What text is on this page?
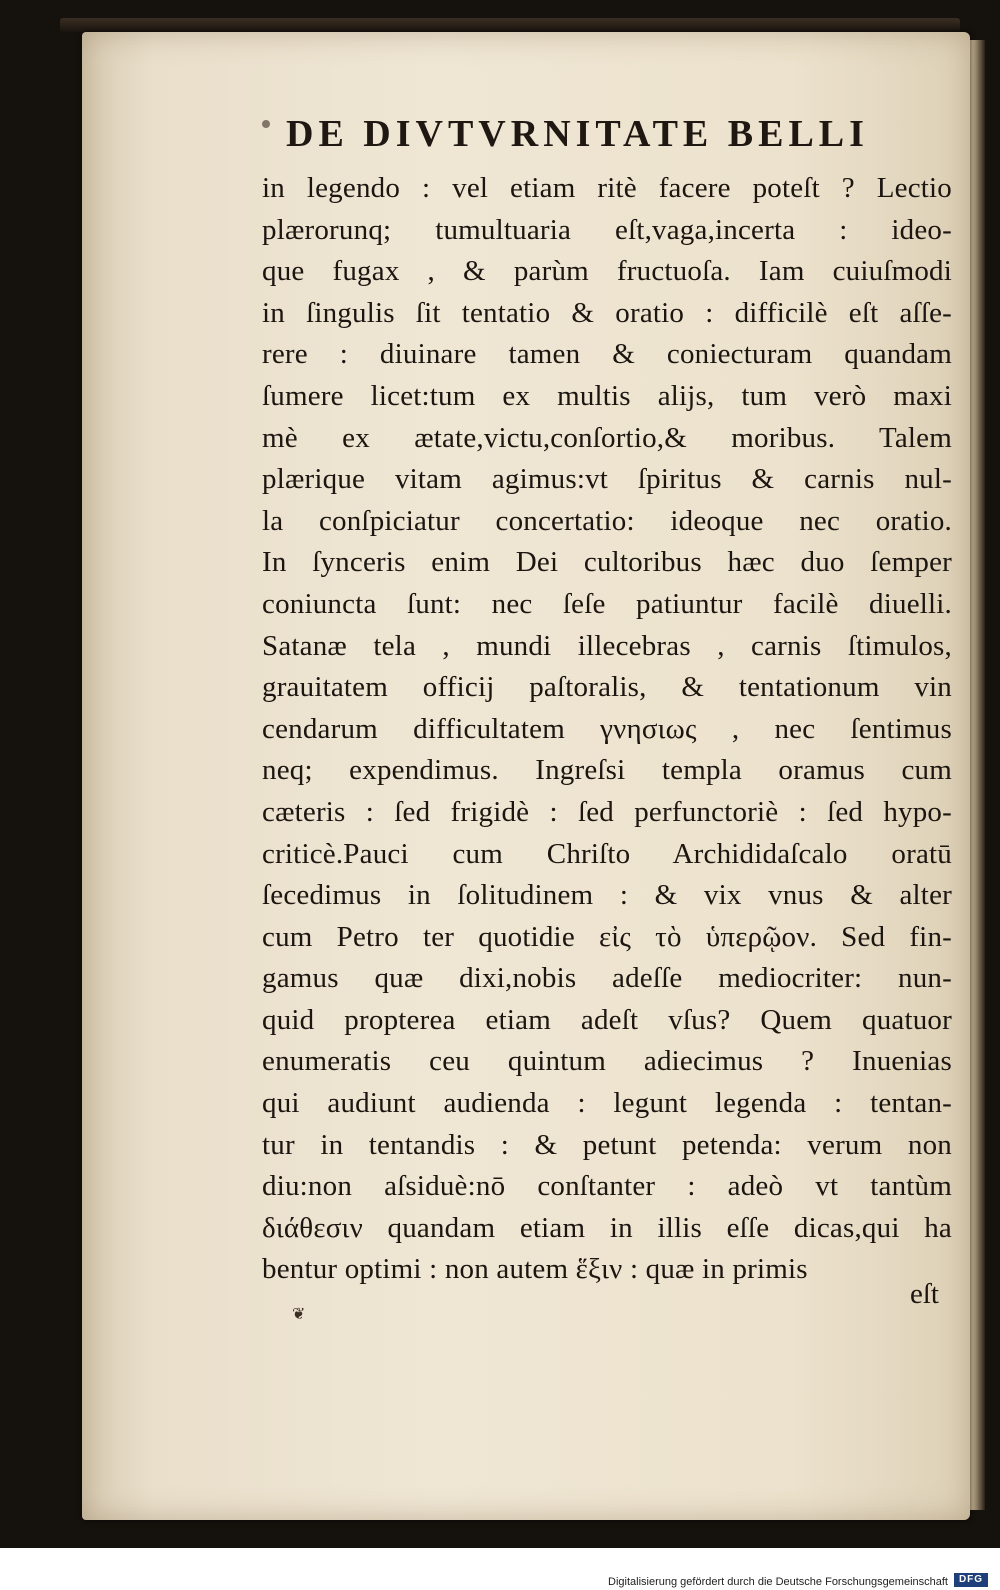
DE DIVTVRNITATE BELLI
in legendo : vel etiam ritè facere poteſt ? Lectio
plærorunq; tumultuaria eſt,vaga,incerta : ideo-
que fugax , & parùm fructuoſa. Iam cuiuſmodi
in ſingulis ſit tentatio & oratio : difficilè eſt aſſe-
rere : diuinare tamen & coniecturam quandam
ſumere licet:tum ex multis alijs, tum verò maxi
mè ex ætate,victu,conſortio,& moribus. Talem
plærique vitam agimus:vt ſpiritus & carnis nul-
la conſpiciatur concertatio: ideoque nec oratio.
In ſynceris enim Dei cultoribus hæc duo ſemper
coniuncta ſunt: nec ſeſe patiuntur facilè diuelli.
Satanæ tela , mundi illecebras , carnis ſtimulos,
grauitatem officij paſtoralis, & tentationum vin
cendarum difficultatem γνησιως , nec ſentimus
neq; expendimus. Ingreſsi templa oramus cum
cæteris : ſed frigidè : ſed perfunctoriè : ſed hypo-
criticè.Pauci cum Chriſto Archididaſcalo oratū
ſecedimus in ſolitudinem : & vix vnus & alter
cum Petro ter quotidie εἰς τὸ ὑπερῷον. Sed fin-
gamus quæ dixi,nobis adeſſe mediocriter: nun-
quid propterea etiam adeſt vſus? Quem quatuor
enumeratis ceu quintum adiecimus ? Inuenias
qui audiunt audienda : legunt legenda : tentan-
tur in tentandis : & petunt petenda: verum non
diu:non aſsiduè:nō conſtanter : adeò vt tantùm
διάθεσιν quandam etiam in illis eſſe dicas,qui ha
bentur optimi : non autem ἕξιν : quæ in primis
eſt
❦
Digitalisierung gefördert durch die Deutsche Forschungsgemeinschaft	DFG
